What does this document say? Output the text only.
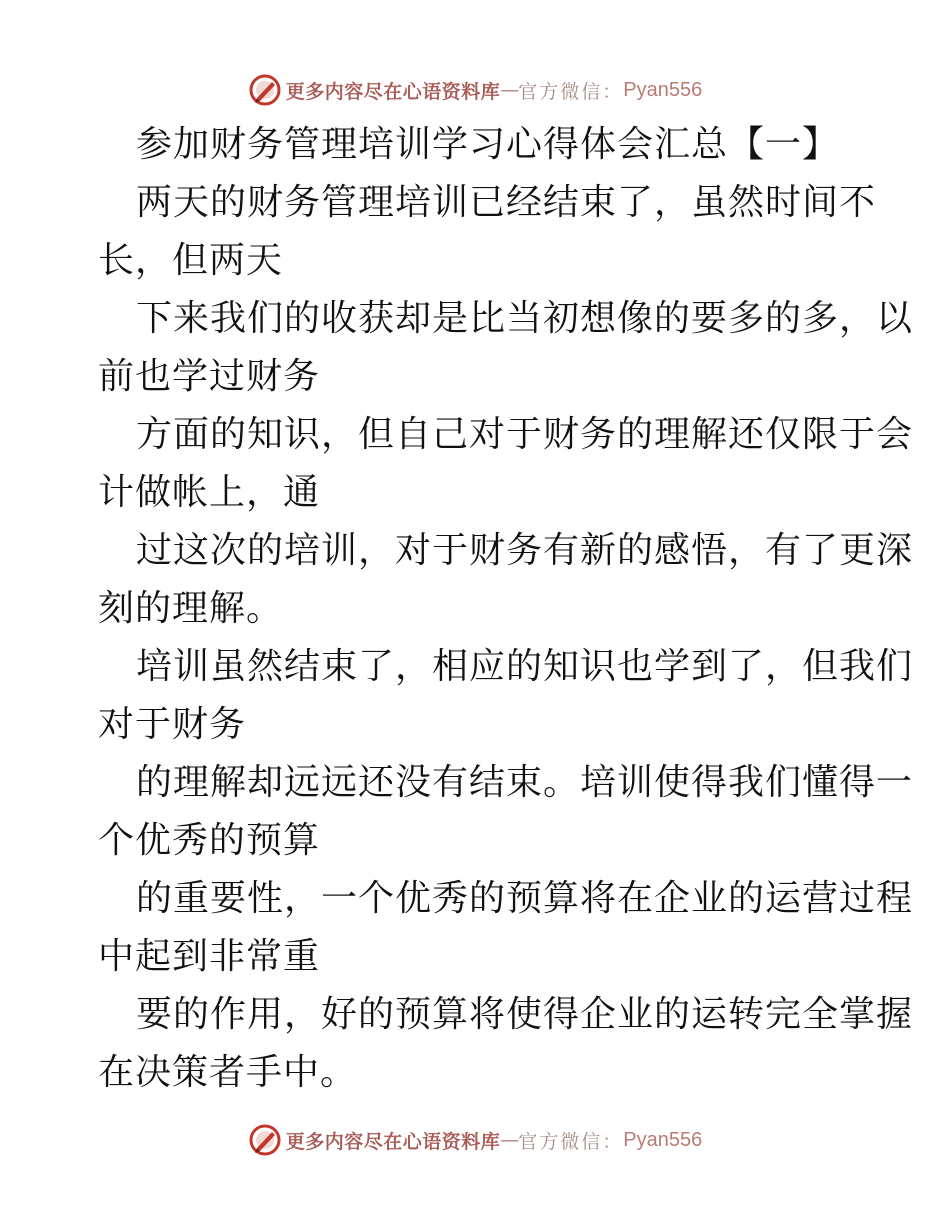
更多内容尽在心语资料库 — 官方微信： Pyan556
参加财务管理培训学习心得体会汇总【一】
两天的财务管理培训已经结束了，虽然时间不
长，但两天
下来我们的收获却是比当初想像的要多的多，以
前也学过财务
方面的知识，但自己对于财务的理解还仅限于会
计做帐上，通
过这次的培训，对于财务有新的感悟，有了更深
刻的理解。
培训虽然结束了，相应的知识也学到了，但我们
对于财务
的理解却远远还没有结束。培训使得我们懂得一
个优秀的预算
的重要性，一个优秀的预算将在企业的运营过程
中起到非常重
要的作用，好的预算将使得企业的运转完全掌握
在决策者手中。
更多内容尽在心语资料库 — 官方微信： Pyan556
